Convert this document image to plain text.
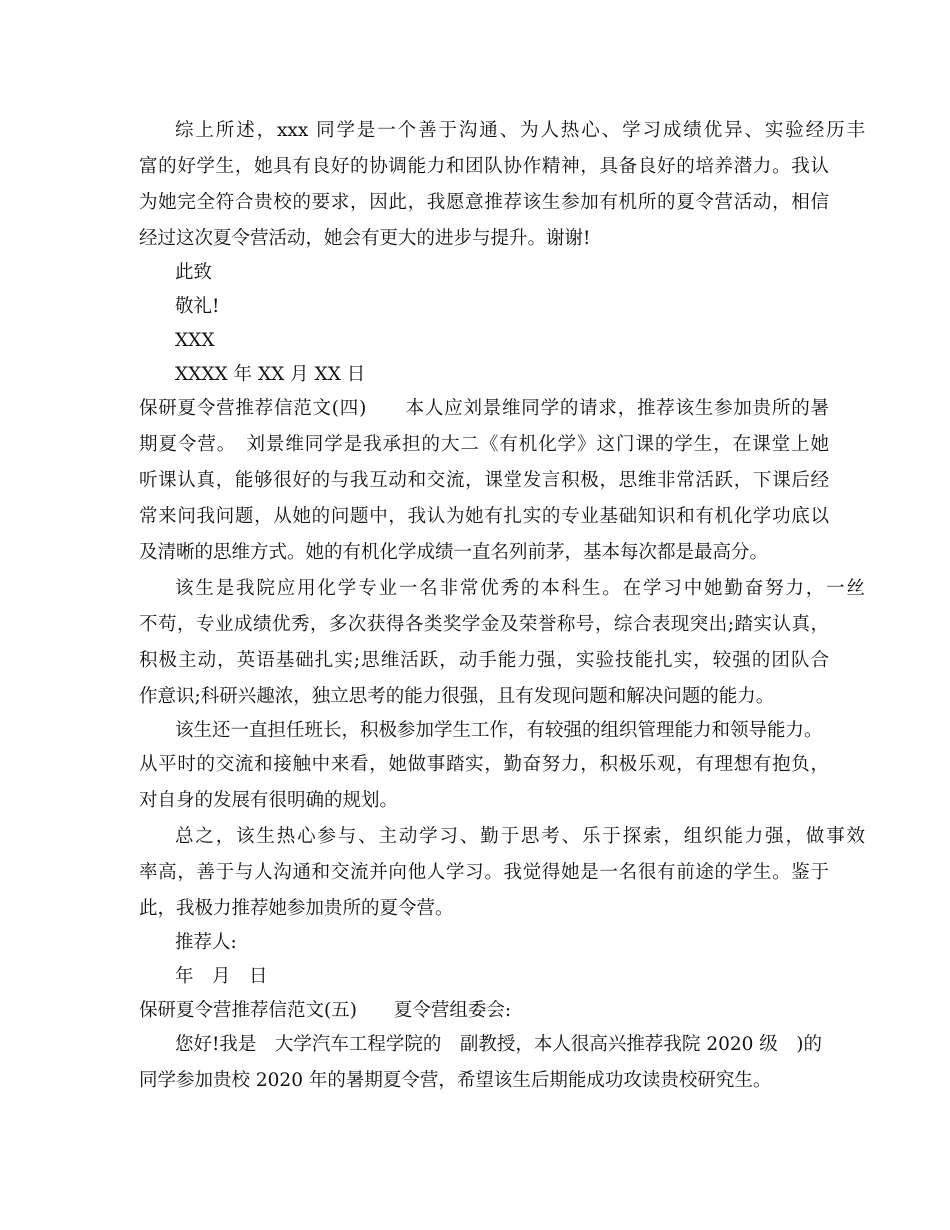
综上所述，xxx 同学是一个善于沟通、为人热心、学习成绩优异、实验经历丰
富的好学生，她具有良好的协调能力和团队协作精神，具备良好的培养潜力。我认
为她完全符合贵校的要求，因此，我愿意推荐该生参加有机所的夏令营活动，相信
经过这次夏令营活动，她会有更大的进步与提升。谢谢!
此致
敬礼!
XXX
XXXX 年 XX 月 XX 日
保研夏令营推荐信范文(四)　　本人应刘景维同学的请求，推荐该生参加贵所的暑
期夏令营。　刘景维同学是我承担的大二《有机化学》这门课的学生，在课堂上她
听课认真，能够很好的与我互动和交流，课堂发言积极，思维非常活跃，下课后经
常来问我问题，从她的问题中，我认为她有扎实的专业基础知识和有机化学功底以
及清晰的思维方式。她的有机化学成绩一直名列前茅，基本每次都是最高分。
该生是我院应用化学专业一名非常优秀的本科生。在学习中她勤奋努力，一丝
不苟，专业成绩优秀，多次获得各类奖学金及荣誉称号，综合表现突出;踏实认真，
积极主动，英语基础扎实;思维活跃，动手能力强，实验技能扎实，较强的团队合
作意识;科研兴趣浓，独立思考的能力很强，且有发现问题和解决问题的能力。
该生还一直担任班长，积极参加学生工作，有较强的组织管理能力和领导能力。
从平时的交流和接触中来看，她做事踏实，勤奋努力，积极乐观，有理想有抱负，
对自身的发展有很明确的规划。
总之，该生热心参与、主动学习、勤于思考、乐于探索，组织能力强，做事效
率高，善于与人沟通和交流并向他人学习。我觉得她是一名很有前途的学生。鉴于
此，我极力推荐她参加贵所的夏令营。
推荐人:
年　月　日
保研夏令营推荐信范文(五)　　夏令营组委会:
您好!我是　大学汽车工程学院的　副教授，本人很高兴推荐我院 2020 级　)的
同学参加贵校 2020 年的暑期夏令营，希望该生后期能成功攻读贵校研究生。
